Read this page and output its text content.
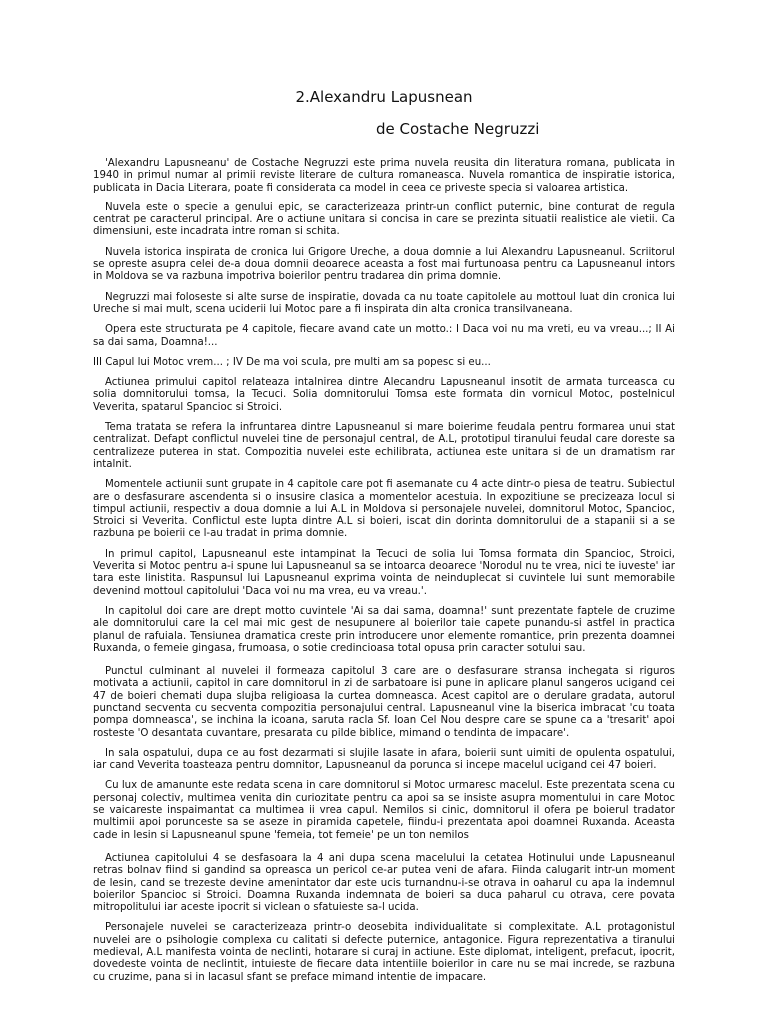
2.Alexandru Lapusnean
de Costache Negruzzi

'Alexandru Lapusneanu' de Costache Negruzzi este prima nuvela reusita din literatura romana, publicata in 1940 in primul numar al primii reviste literare de cultura romaneasca. Nuvela romantica de inspiratie istorica, publicata in Dacia Literara, poate fi considerata ca model in ceea ce priveste specia si valoarea artistica.

Nuvela este o specie a genului epic, se caracterizeaza printr-un conflict puternic, bine conturat de regula centrat pe caracterul principal. Are o actiune unitara si concisa in care se prezinta situatii realistice ale vietii. Ca dimensiuni, este incadrata intre roman si schita.

Nuvela istorica inspirata de cronica lui Grigore Ureche, a doua domnie a lui Alexandru Lapusneanul. Scriitorul se opreste asupra celei de-a doua domnii deoarece aceasta a fost mai furtunoasa pentru ca Lapusneanul intors in Moldova se va razbuna impotriva boierilor pentru tradarea din prima domnie.

Negruzzi mai foloseste si alte surse de inspiratie, dovada ca nu toate capitolele au mottoul luat din cronica lui Ureche si mai mult, scena uciderii lui Motoc pare a fi inspirata din alta cronica transilvaneana.

Opera este structurata pe 4 capitole, fiecare avand cate un motto.: I Daca voi nu ma vreti, eu va vreau...; II Ai sa dai sama, Doamna!...

III Capul lui Motoc vrem... ; IV De ma voi scula, pre multi am sa popesc si eu...

Actiunea primului capitol relateaza intalnirea dintre Alecandru Lapusneanul insotit de armata turceasca cu solia domnitorului tomsa, la Tecuci. Solia domnitorului Tomsa este formata din vornicul Motoc, postelnicul Veverita, spatarul Spancioc si Stroici.

Tema tratata se refera la infruntarea dintre Lapusneanul si mare boierime feudala pentru formarea unui stat centralizat. Defapt conflictul nuvelei tine de personajul central, de A.L, prototipul tiranului feudal care doreste sa centralizeze puterea in stat. Compozitia nuvelei este echilibrata, actiunea este unitara si de un dramatism rar intalnit.

Momentele actiunii sunt grupate in 4 capitole care pot fi asemanate cu 4 acte dintr-o piesa de teatru. Subiectul are o desfasurare ascendenta si o insusire clasica a momentelor acestuia. In expozitiune se precizeaza locul si timpul actiunii, respectiv a doua domnie a lui A.L in Moldova si personajele nuvelei, domnitorul Motoc, Spancioc, Stroici si Veverita. Conflictul este lupta dintre A.L si boieri, iscat din dorinta domnitorului de a stapanii si a se razbuna pe boierii ce l-au tradat in prima domnie.

In primul capitol, Lapusneanul este intampinat la Tecuci de solia lui Tomsa formata din Spancioc, Stroici, Veverita si Motoc pentru a-i spune lui Lapusneanul sa se intoarca deoarece 'Norodul nu te vrea, nici te iuveste' iar tara este linistita. Raspunsul lui Lapusneanul exprima vointa de neinduplecat si cuvintele lui sunt memorabile devenind mottoul capitolului 'Daca voi nu ma vrea, eu va vreau.'.

In capitolul doi care are drept motto cuvintele 'Ai sa dai sama, doamna!' sunt prezentate faptele de cruzime ale domnitorului care la cel mai mic gest de nesupunere al boierilor taie capete punandu-si astfel in practica planul de rafuiala. Tensiunea dramatica creste prin introducere unor elemente romantice, prin prezenta doamnei Ruxanda, o femeie gingasa, frumoasa, o sotie credincioasa total opusa prin caracter sotului sau.

Punctul culminant al nuvelei il formeaza capitolul 3 care are o desfasurare stransa inchegata si riguros motivata a actiunii, capitol in care domnitorul in zi de sarbatoare isi pune in aplicare planul sangeros ucigand cei 47 de boieri chemati dupa slujba religioasa la curtea domneasca. Acest capitol are o derulare gradata, autorul punctand secventa cu secventa compozitia personajului central. Lapusneanul vine la biserica imbracat 'cu toata pompa domneasca', se inchina la icoana, saruta racla Sf. Ioan Cel Nou despre care se spune ca a 'tresarit' apoi rosteste 'O desantata cuvantare, presarata cu pilde biblice, mimand o tendinta de impacare'.

In sala ospatului, dupa ce au fost dezarmati si slujile lasate in afara, boierii sunt uimiti de opulenta ospatului, iar cand Veverita toasteaza pentru domnitor, Lapusneanul da porunca si incepe macelul ucigand cei 47 boieri.

Cu lux de amanunte este redata scena in care domnitorul si Motoc urmaresc macelul. Este prezentata scena cu personaj colectiv, multimea venita din curiozitate pentru ca apoi sa se insiste asupra momentului in care Motoc se vaicareste inspaimantat ca multimea ii vrea capul. Nemilos si cinic, domnitorul il ofera pe boierul tradator multimii apoi porunceste sa se aseze in piramida capetele, fiindu-i prezentata apoi doamnei Ruxanda. Aceasta cade in lesin si Lapusneanul spune 'femeia, tot femeie' pe un ton nemilos

Actiunea capitolului 4 se desfasoara la 4 ani dupa scena macelului la cetatea Hotinului unde Lapusneanul retras bolnav fiind si gandind sa opreasca un pericol ce-ar putea veni de afara. Fiinda calugarit intr-un moment de lesin, cand se trezeste devine amenintator dar este ucis turnandnu-i-se otrava in oaharul cu apa la indemnul boierilor Spancioc si Stroici. Doamna Ruxanda indemnata de boieri sa duca paharul cu otrava, cere povata mitropolitului iar aceste ipocrit si viclean o sfatuieste sa-l ucida.

Personajele nuvelei se caracterizeaza printr-o deosebita individualitate si complexitate. A.L protagonistul nuvelei are o psihologie complexa cu calitati si defecte puternice, antagonice. Figura reprezentativa a tiranului medieval, A.L manifesta vointa de neclinti, hotarare si curaj in actiune. Este diplomat, inteligent, prefacut, ipocrit, dovedeste vointa de neclintit, intuieste de fiecare data intentiile boierilor in care nu se mai increde, se razbuna cu cruzime, pana si in lacasul sfant se preface mimand intentie de impacare.
